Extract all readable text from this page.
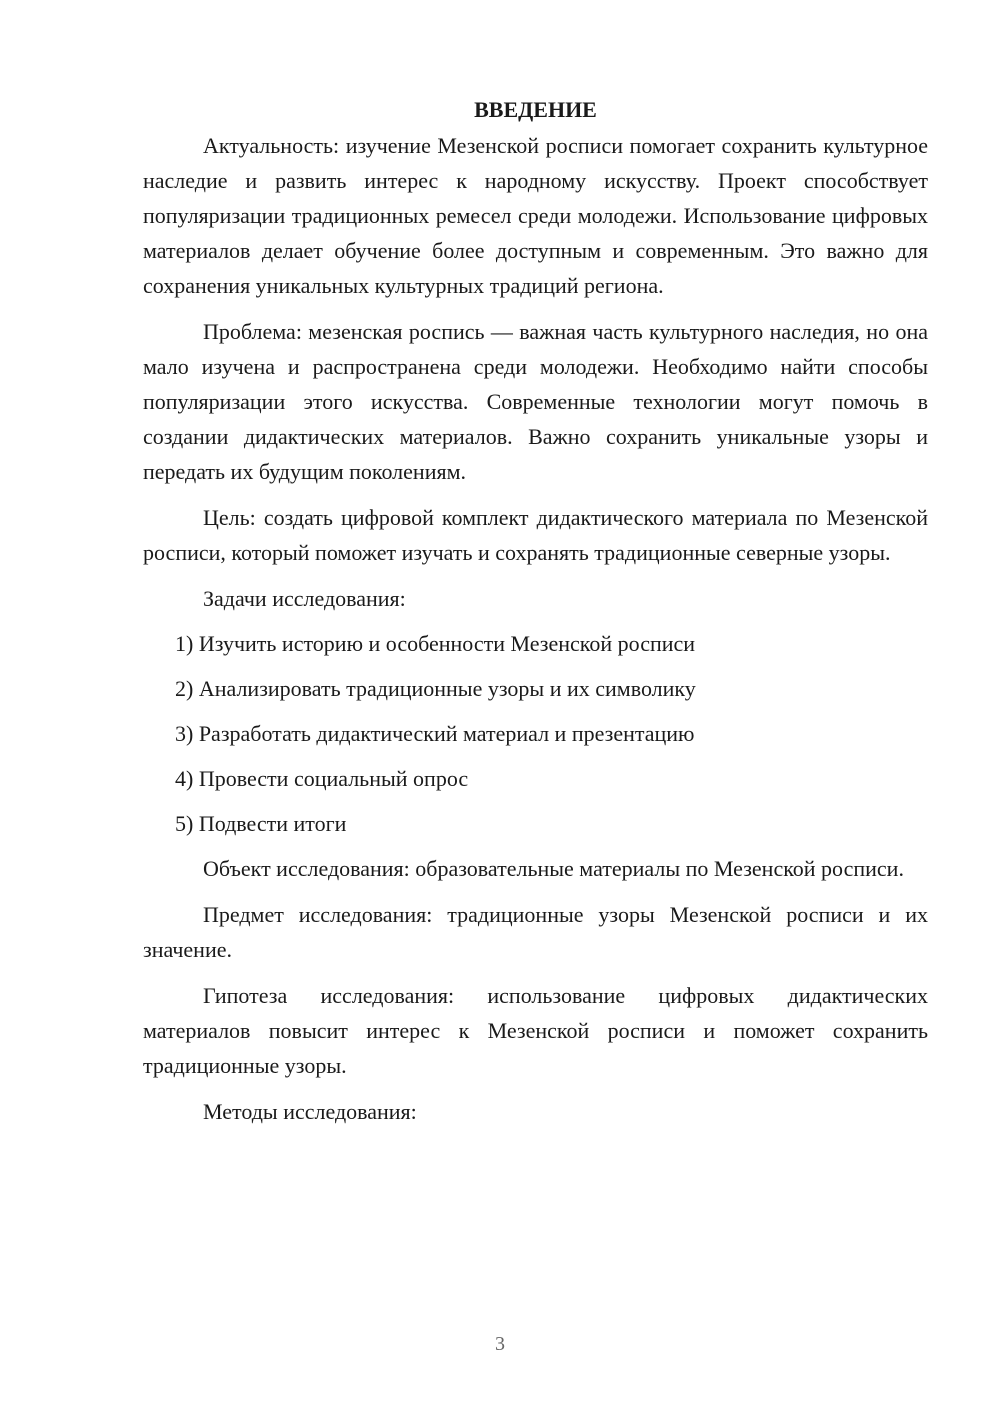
ВВЕДЕНИЕ

Актуальность: изучение Мезенской росписи помогает сохранить культурное наследие и развить интерес к народному искусству. Проект способствует популяризации традиционных ремесел среди молодежи. Использование цифровых материалов делает обучение более доступным и современным. Это важно для сохранения уникальных культурных традиций региона.

Проблема: мезенская роспись — важная часть культурного наследия, но она мало изучена и распространена среди молодежи. Необходимо найти способы популяризации этого искусства. Современные технологии могут помочь в создании дидактических материалов. Важно сохранить уникальные узоры и передать их будущим поколениям.

Цель: создать цифровой комплект дидактического материала по Мезенской росписи, который поможет изучать и сохранять традиционные северные узоры.

Задачи исследования:
1) Изучить историю и особенности Мезенской росписи
2) Анализировать традиционные узоры и их символику
3) Разработать дидактический материал и презентацию
4) Провести социальный опрос
5) Подвести итоги

Объект исследования: образовательные материалы по Мезенской росписи.

Предмет исследования: традиционные узоры Мезенской росписи и их значение.

Гипотеза исследования: использование цифровых дидактических материалов повысит интерес к Мезенской росписи и поможет сохранить традиционные узоры.

Методы исследования:
3
